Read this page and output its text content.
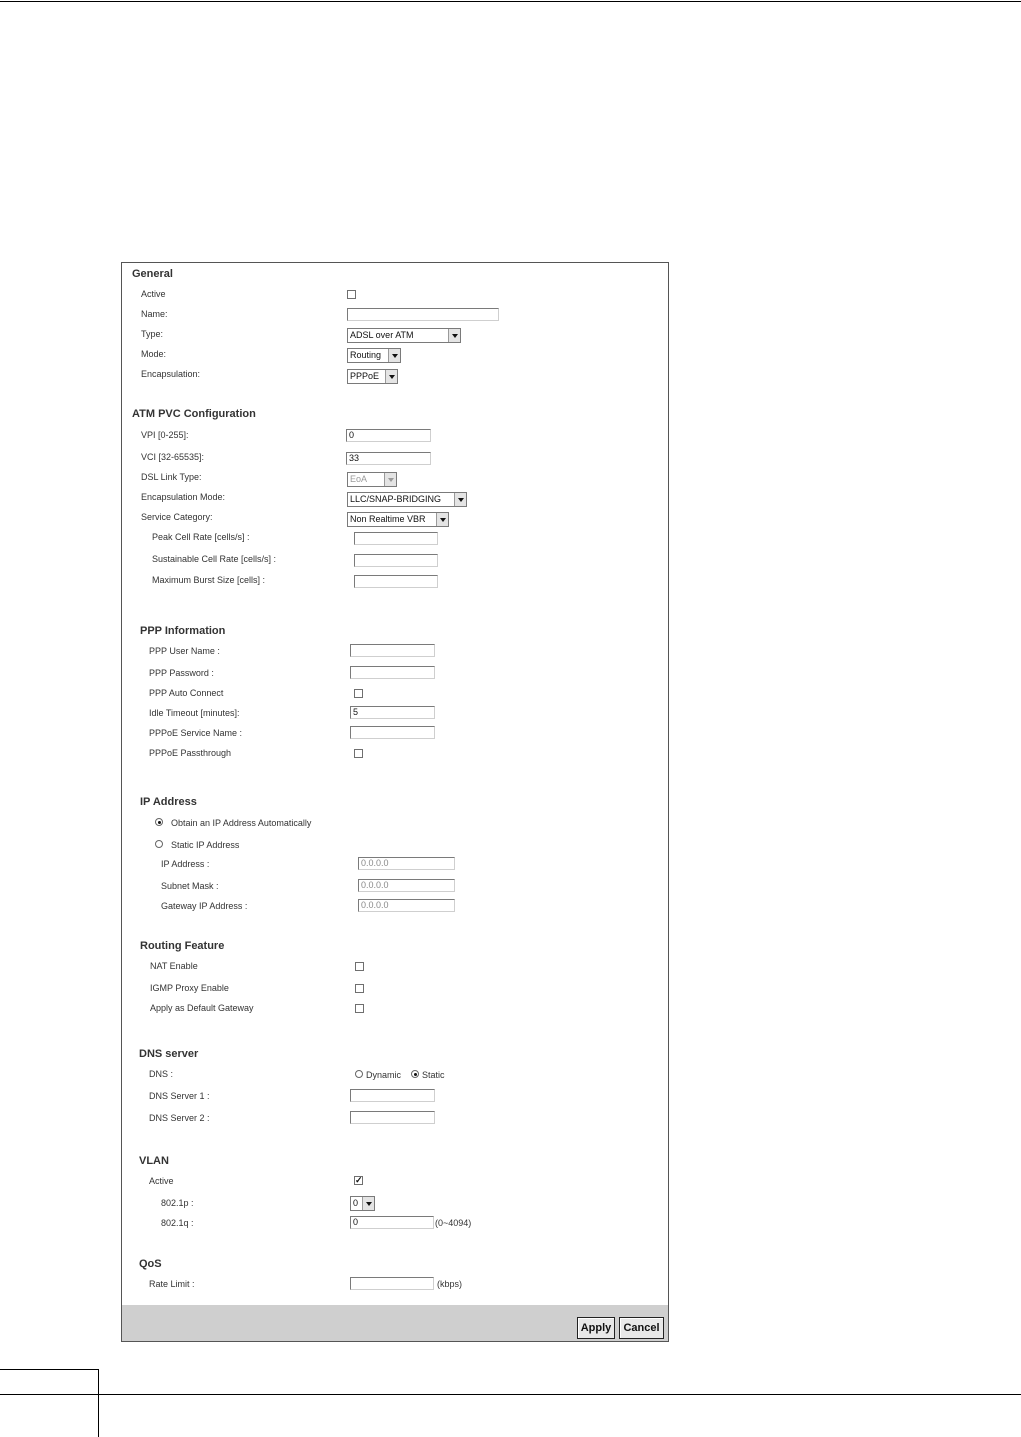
General
Active
Name:
Type:	ADSL over ATM
Mode:	Routing
Encapsulation:	PPPoE
ATM PVC Configuration
VPI [0-255]:	0
VCI [32-65535]:	33
DSL Link Type:	EoA
Encapsulation Mode:	LLC/SNAP-BRIDGING
Service Category:	Non Realtime VBR
Peak Cell Rate [cells/s] :
Sustainable Cell Rate [cells/s] :
Maximum Burst Size [cells] :
PPP Information
PPP User Name :
PPP Password :
PPP Auto Connect
Idle Timeout [minutes]:	5
PPPoE Service Name :
PPPoE Passthrough
IP Address
Obtain an IP Address Automatically
Static IP Address
IP Address :	0.0.0.0
Subnet Mask :	0.0.0.0
Gateway IP Address :	0.0.0.0
Routing Feature
NAT Enable
IGMP Proxy Enable
Apply as Default Gateway
DNS server
DNS :	Dynamic Static
DNS Server 1 :
DNS Server 2 :
VLAN
Active	✓
802.1p :	0
802.1q :	0	(0~4094)
QoS
Rate Limit :	(kbps)
Apply	Cancel
